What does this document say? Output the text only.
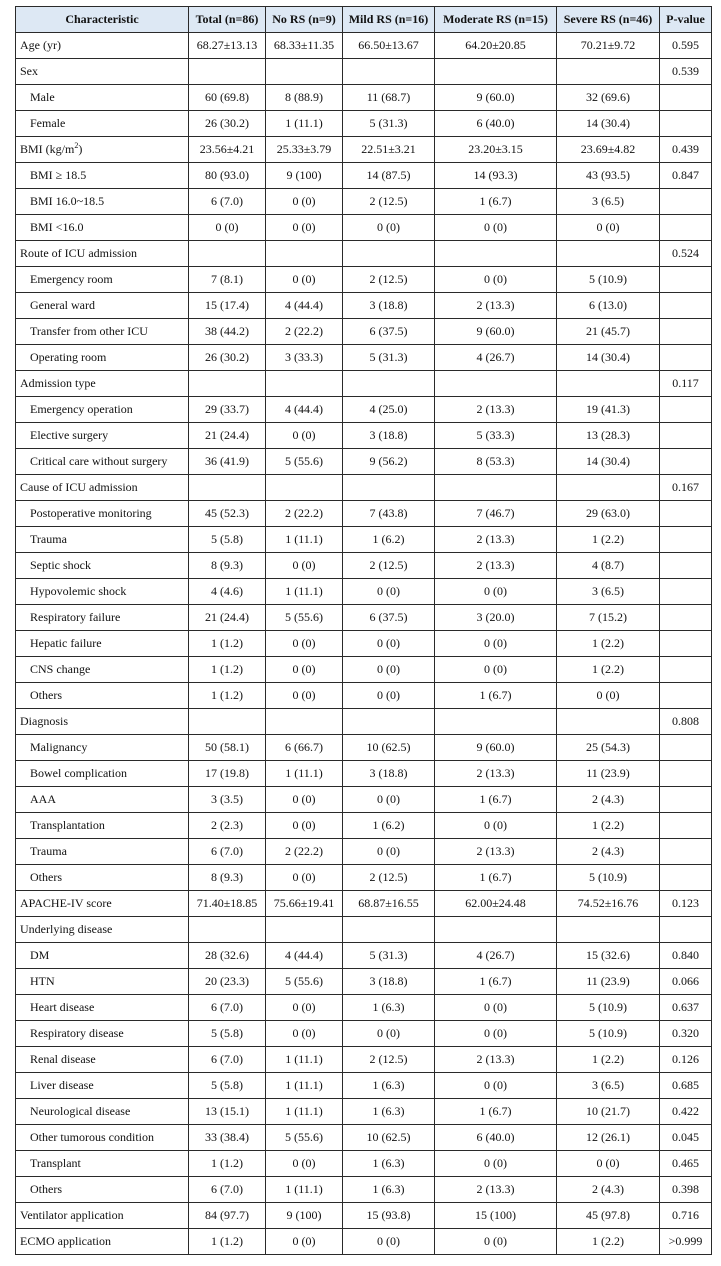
Characteristic	Total (n=86)	No RS (n=9)	Mild RS (n=16)	Moderate RS (n=15)	Severe RS (n=46)	P-value
Age (yr)	68.27±13.13	68.33±11.35	66.50±13.67	64.20±20.85	70.21±9.72	0.595
Sex						0.539
Male	60 (69.8)	8 (88.9)	11 (68.7)	9 (60.0)	32 (69.6)	
Female	26 (30.2)	1 (11.1)	5 (31.3)	6 (40.0)	14 (30.4)	
BMI $(kg/m^2)$	23.56±4.21	25.33±3.79	22.51±3.21	23.20±3.15	23.69±4.82	0.439
BMI ≥ 18.5	80 (93.0)	9 (100)	14 (87.5)	14 (93.3)	43 (93.5)	0.847
BMI 16.0~18.5	6 (7.0)	0 (0)	2 (12.5)	1 (6.7)	3 (6.5)	
BMI <16.0	0 (0)	0 (0)	0 (0)	0 (0)	0 (0)	
Route of ICU admission						0.524
Emergency room	7 (8.1)	0 (0)	2 (12.5)	0 (0)	5 (10.9)	
General ward	15 (17.4)	4 (44.4)	3 (18.8)	2 (13.3)	6 (13.0)	
Transfer from other ICU	38 (44.2)	2 (22.2)	6 (37.5)	9 (60.0)	21 (45.7)	
Operating room	26 (30.2)	3 (33.3)	5 (31.3)	4 (26.7)	14 (30.4)	
Admission type						0.117
Emergency operation	29 (33.7)	4 (44.4)	4 (25.0)	2 (13.3)	19 (41.3)	
Elective surgery	21 (24.4)	0 (0)	3 (18.8)	5 (33.3)	13 (28.3)	
Critical care without surgery	36 (41.9)	5 (55.6)	9 (56.2)	8 (53.3)	14 (30.4)	
Cause of ICU admission						0.167
Postoperative monitoring	45 (52.3)	2 (22.2)	7 (43.8)	7 (46.7)	29 (63.0)	
Trauma	5 (5.8)	1 (11.1)	1 (6.2)	2 (13.3)	1 (2.2)	
Septic shock	8 (9.3)	0 (0)	2 (12.5)	2 (13.3)	4 (8.7)	
Hypovolemic shock	4 (4.6)	1 (11.1)	0 (0)	0 (0)	3 (6.5)	
Respiratory failure	21 (24.4)	5 (55.6)	6 (37.5)	3 (20.0)	7 (15.2)	
Hepatic failure	1 (1.2)	0 (0)	0 (0)	0 (0)	1 (2.2)	
CNS change	1 (1.2)	0 (0)	0 (0)	0 (0)	1 (2.2)	
Others	1 (1.2)	0 (0)	0 (0)	1 (6.7)	0 (0)	
Diagnosis						0.808
Malignancy	50 (58.1)	6 (66.7)	10 (62.5)	9 (60.0)	25 (54.3)	
Bowel complication	17 (19.8)	1 (11.1)	3 (18.8)	2 (13.3)	11 (23.9)	
AAA	3 (3.5)	0 (0)	0 (0)	1 (6.7)	2 (4.3)	
Transplantation	2 (2.3)	0 (0)	1 (6.2)	0 (0)	1 (2.2)	
Trauma	6 (7.0)	2 (22.2)	0 (0)	2 (13.3)	2 (4.3)	
Others	8 (9.3)	0 (0)	2 (12.5)	1 (6.7)	5 (10.9)	
APACHE-IV score	71.40±18.85	75.66±19.41	68.87±16.55	62.00±24.48	74.52±16.76	0.123
Underlying disease						
DM	28 (32.6)	4 (44.4)	5 (31.3)	4 (26.7)	15 (32.6)	0.840
HTN	20 (23.3)	5 (55.6)	3 (18.8)	1 (6.7)	11 (23.9)	0.066
Heart disease	6 (7.0)	0 (0)	1 (6.3)	0 (0)	5 (10.9)	0.637
Respiratory disease	5 (5.8)	0 (0)	0 (0)	0 (0)	5 (10.9)	0.320
Renal disease	6 (7.0)	1 (11.1)	2 (12.5)	2 (13.3)	1 (2.2)	0.126
Liver disease	5 (5.8)	1 (11.1)	1 (6.3)	0 (0)	3 (6.5)	0.685
Neurological disease	13 (15.1)	1 (11.1)	1 (6.3)	1 (6.7)	10 (21.7)	0.422
Other tumorous condition	33 (38.4)	5 (55.6)	10 (62.5)	6 (40.0)	12 (26.1)	0.045
Transplant	1 (1.2)	0 (0)	1 (6.3)	0 (0)	0 (0)	0.465
Others	6 (7.0)	1 (11.1)	1 (6.3)	2 (13.3)	2 (4.3)	0.398
Ventilator application	84 (97.7)	9 (100)	15 (93.8)	15 (100)	45 (97.8)	0.716
ECMO application	1 (1.2)	0 (0)	0 (0)	0 (0)	1 (2.2)	>0.999
